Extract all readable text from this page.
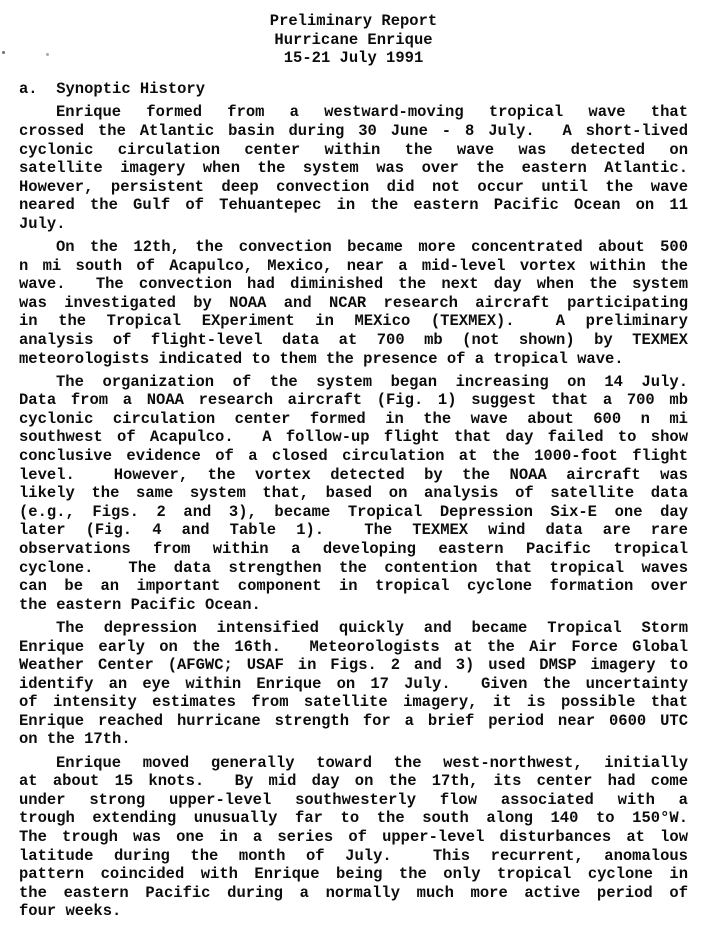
Preliminary Report
Hurricane Enrique
15-21 July 1991
a.  Synoptic History
Enrique formed from a westward-moving tropical wave that
crossed the Atlantic basin during 30 June - 8 July.  A short-lived
cyclonic circulation center within the wave was detected on
satellite imagery when the system was over the eastern Atlantic.
However, persistent deep convection did not occur until the wave
neared the Gulf of Tehuantepec in the eastern Pacific Ocean on 11
July.
On the 12th, the convection became more concentrated about 500
n mi south of Acapulco, Mexico, near a mid-level vortex within the
wave.  The convection had diminished the next day when the system
was investigated by NOAA and NCAR research aircraft participating
in the Tropical EXperiment in MEXico (TEXMEX).  A preliminary
analysis of flight-level data at 700 mb (not shown) by TEXMEX
meteorologists indicated to them the presence of a tropical wave.
The organization of the system began increasing on 14 July.
Data from a NOAA research aircraft (Fig. 1) suggest that a 700 mb
cyclonic circulation center formed in the wave about 600 n mi
southwest of Acapulco.  A follow-up flight that day failed to show
conclusive evidence of a closed circulation at the 1000-foot flight
level.  However, the vortex detected by the NOAA aircraft was
likely the same system that, based on analysis of satellite data
(e.g., Figs. 2 and 3), became Tropical Depression Six-E one day
later (Fig. 4 and Table 1).  The TEXMEX wind data are rare
observations from within a developing eastern Pacific tropical
cyclone.  The data strengthen the contention that tropical waves
can be an important component in tropical cyclone formation over
the eastern Pacific Ocean.
The depression intensified quickly and became Tropical Storm
Enrique early on the 16th.  Meteorologists at the Air Force Global
Weather Center (AFGWC; USAF in Figs. 2 and 3) used DMSP imagery to
identify an eye within Enrique on 17 July.  Given the uncertainty
of intensity estimates from satellite imagery, it is possible that
Enrique reached hurricane strength for a brief period near 0600 UTC
on the 17th.
Enrique moved generally toward the west-northwest, initially
at about 15 knots.  By mid day on the 17th, its center had come
under strong upper-level southwesterly flow associated with a
trough extending unusually far to the south along 140 to 150°W.
The trough was one in a series of upper-level disturbances at low
latitude during the month of July.  This recurrent, anomalous
pattern coincided with Enrique being the only tropical cyclone in
the eastern Pacific during a normally much more active period of
four weeks.
